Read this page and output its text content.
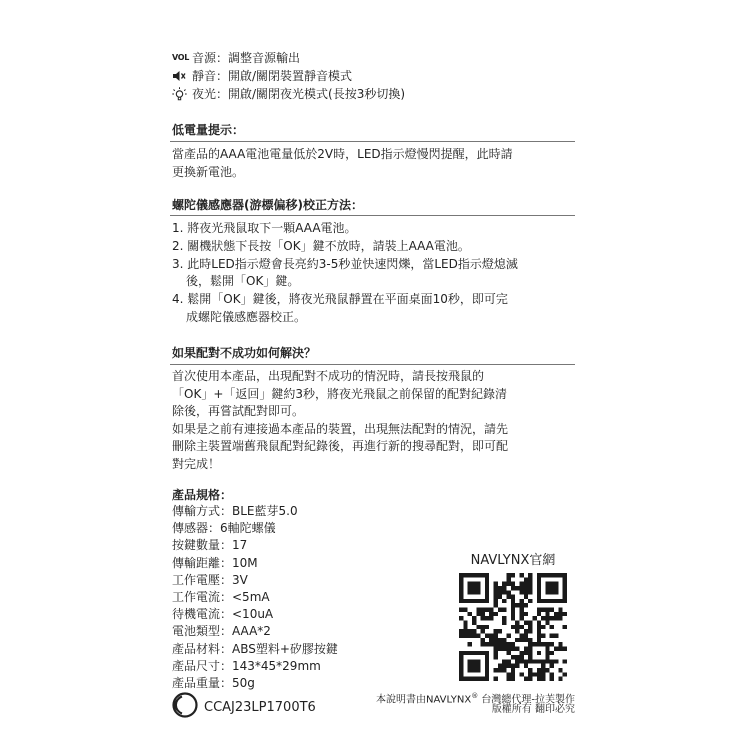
VOL 音源 ：調整音源輸出
靜音 ：開啟/關閉裝置靜音模式
夜光 ：開啟/關閉夜光模式(長按3秒切換)
低電量提示：

當產品的AAA電池電量低於2V時，LED指示燈慢閃提醒，此時請

更換新電池。

螺陀儀感應器(游標偏移)校正方法：
1. 將夜光飛鼠取下一顆AAA電池。
2. 關機狀態下長按「OK」鍵不放時，請裝上AAA電池。
3. 此時LED指示燈會長亮約3-5秒並快速閃爍，當LED指示燈熄滅
後，鬆開「OK」鍵。
4. 鬆開「OK」鍵後，將夜光飛鼠靜置在平面桌面10秒，即可完
成螺陀儀感應器校正。
如果配對不成功如何解決？

首次使用本產品，出現配對不成功的情況時，請長按飛鼠的

「OK」+「返回」鍵約3秒，將夜光飛鼠之前保留的配對紀錄清

除後，再嘗試配對即可。

如果是之前有連接過本產品的裝置，出現無法配對的情況，請先

刪除主裝置端舊飛鼠配對紀錄後，再進行新的搜尋配對，即可配

對完成！

產品規格：
傳輸方式：BLE藍芽5.0
傳感器：6軸陀螺儀
按鍵數量：17
傳輸距離：10M
工作電壓：3V
工作電流：<5mA
待機電流：<10uA
電池類型：AAA*2
產品材料：ABS塑料+矽膠按鍵
產品尺寸：143*45*29mm
產品重量：50g
NAVLYNX官網
CCAJ23LP1700T6	本說明書由NAVLYNX® 台灣總代理-拉芙製作
版權所有 翻印必究
